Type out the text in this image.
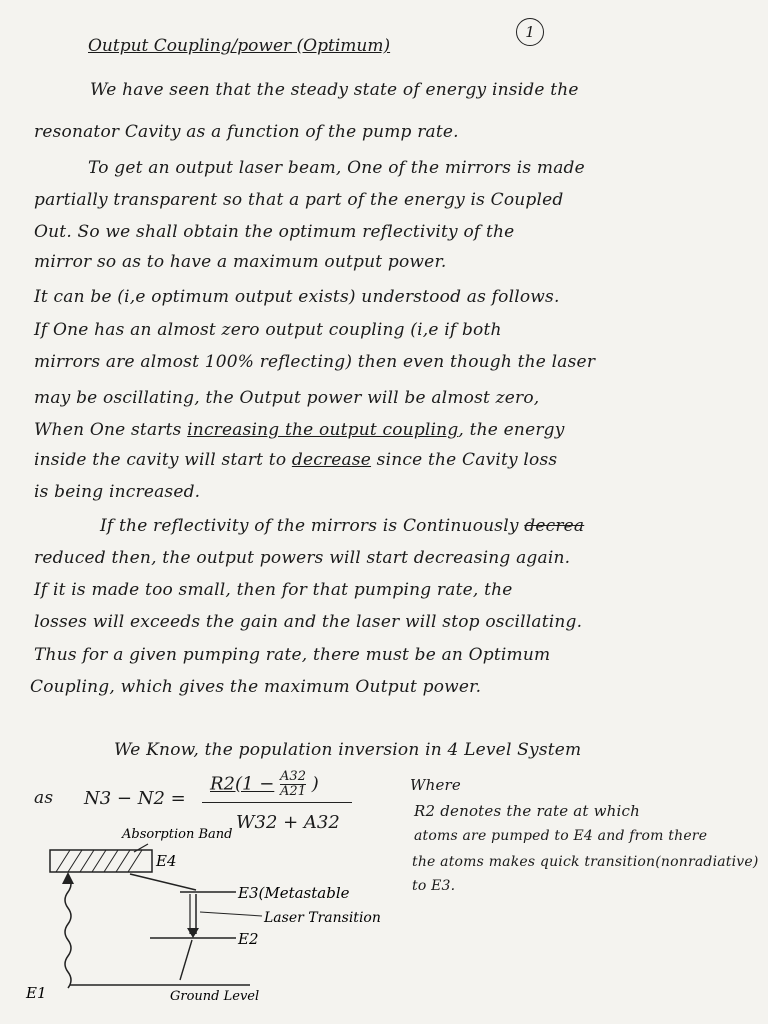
Output Coupling/power (Optimum)
1
We have seen that the steady state of energy inside the
resonator Cavity as a function of the pump rate.
To get an output laser beam, One of the mirrors is made
partially transparent so that a part of the energy is Coupled
Out. So we shall obtain the optimum reflectivity of the
mirror so as to have a maximum output power.
It can be (i,e optimum output exists) understood as follows.
If One has an almost zero output coupling (i,e if both
mirrors are almost 100% reflecting) then even though the laser
may be oscillating, the Output power will be almost zero,
When One starts increasing the output coupling, the energy
inside the cavity will start to decrease since the Cavity loss
is being increased.
If the reflectivity of the mirrors is Continuously decrea
reduced then, the output powers will start decreasing again.
If it is made too small, then for that pumping rate, the
losses will exceeds the gain and the laser will stop oscillating.
Thus for a given pumping rate, there must be an Optimum
Coupling, which gives the maximum Output power.
We Know, the population inversion in 4 Level System
as N3 − N2 =
$R2(1 - \frac{A32}{A21}$ )
W32 + A32
Where
R2 denotes the rate at which
atoms are pumped to E4 and from there
the atoms makes quick transition(nonradiative)
to E3.
Absorption Band
E4
E3(Metastable
Laser Transition
E2
E1	Ground Level
